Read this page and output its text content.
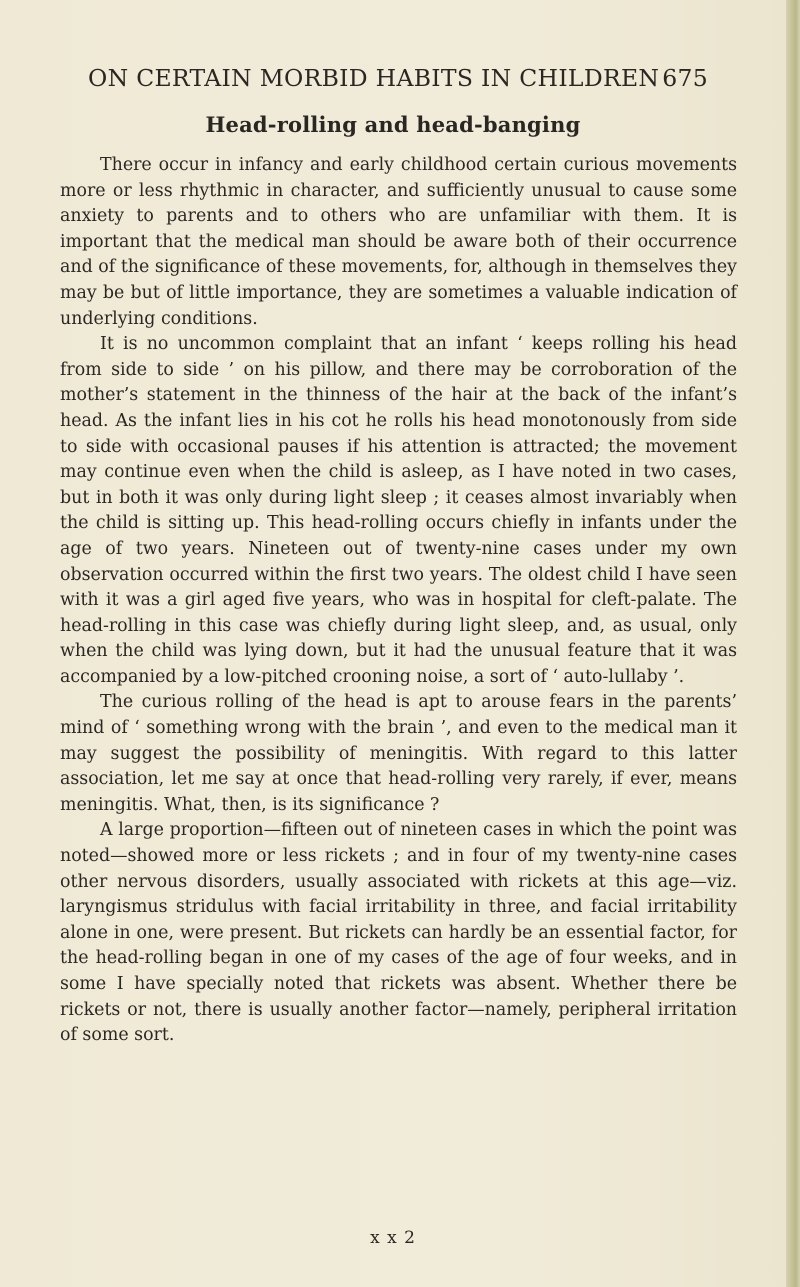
ON CERTAIN MORBID HABITS IN CHILDREN 675
Head-rolling and head-banging

There occur in infancy and early childhood certain curious movements more or less rhythmic in character, and sufficiently unusual to cause some anxiety to parents and to others who are unfamiliar with them. It is important that the medical man should be aware both of their occurrence and of the significance of these movements, for, although in themselves they may be but of little importance, they are sometimes a valuable indication of underlying conditions.

It is no uncommon complaint that an infant ‘ keeps rolling his head from side to side ’ on his pillow, and there may be corroboration of the mother’s statement in the thinness of the hair at the back of the infant’s head. As the infant lies in his cot he rolls his head monotonously from side to side with occasional pauses if his attention is attracted; the movement may continue even when the child is asleep, as I have noted in two cases, but in both it was only during light sleep ; it ceases almost invariably when the child is sitting up. This head-rolling occurs chiefly in infants under the age of two years. Nineteen out of twenty-nine cases under my own observation occurred within the first two years. The oldest child I have seen with it was a girl aged five years, who was in hospital for cleft-palate. The head-rolling in this case was chiefly during light sleep, and, as usual, only when the child was lying down, but it had the unusual feature that it was accompanied by a low-pitched crooning noise, a sort of ‘ auto-lullaby ’.

The curious rolling of the head is apt to arouse fears in the parents’ mind of ‘ something wrong with the brain ’, and even to the medical man it may suggest the possibility of meningitis. With regard to this latter association, let me say at once that head-rolling very rarely, if ever, means meningitis. What, then, is its significance ?

A large proportion—fifteen out of nineteen cases in which the point was noted—showed more or less rickets ; and in four of my twenty-nine cases other nervous disorders, usually associated with rickets at this age—viz. laryngismus stridulus with facial irritability in three, and facial irritability alone in one, were present. But rickets can hardly be an essential factor, for the head-rolling began in one of my cases of the age of four weeks, and in some I have specially noted that rickets was absent. Whether there be rickets or not, there is usually another factor—namely, peripheral irritation of some sort.

x x 2
